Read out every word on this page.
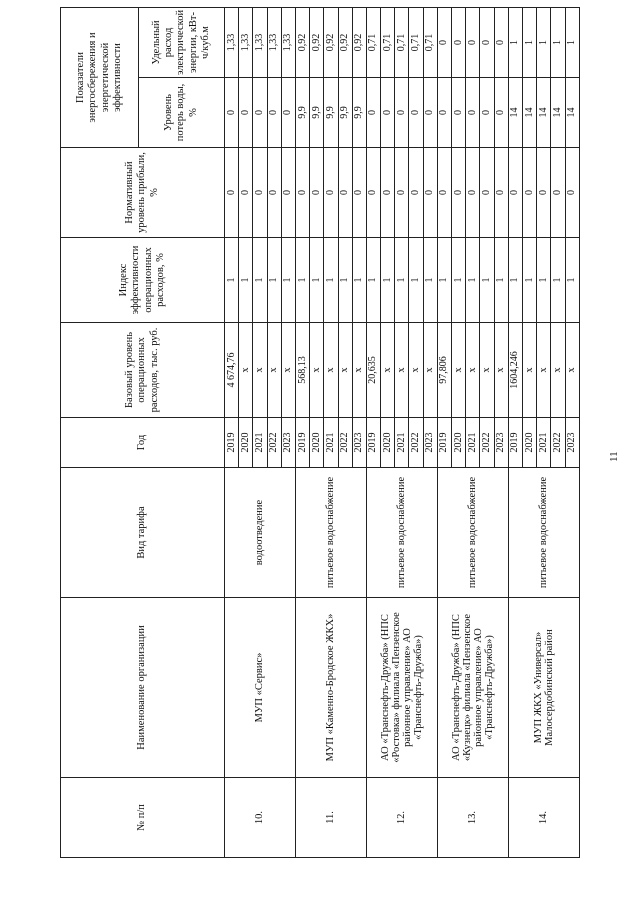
№ п/п	Наименование организации	Вид тарифа	Год	Базовый уровень операционных расходов, тыс. руб.	Индекс эффективности операционных расходов, %	Нормативный уровень прибыли, %	Показатели энергосбережения и энергетической эффективности	
							Уровень потерь воды, %	Удельный расход электрической энергии, кВт-ч/куб.м
10.	МУП «Сервис»	водоотведение	2019	4 674,76	1	0	0	1,33
			2020	x	1	0	0	1,33
			2021	x	1	0	0	1,33
			2022	x	1	0	0	1,33
			2023	x	1	0	0	1,33
11.	МУП «Каменно-Бродское ЖКХ»	питьевое водоснабжение	2019	568,13	1	0	9,9	0,92
			2020	x	1	0	9,9	0,92
			2021	x	1	0	9,9	0,92
			2022	x	1	0	9,9	0,92
			2023	x	1	0	9,9	0,92
12.	АО «Транснефть-Дружба» (НПС «Ростовка» филиала «Пензенское районное управление» АО «Транснефть-Дружба»)	питьевое водоснабжение	2019	20,635	1	0	0	0,71
			2020	x	1	0	0	0,71
			2021	x	1	0	0	0,71
			2022	x	1	0	0	0,71
			2023	x	1	0	0	0,71
13.	АО «Транснефть-Дружба» (НПС «Кузнецк» филиала «Пензенское районное управление» АО «Транснефть-Дружба»)	питьевое водоснабжение	2019	97,806	1	0	0	0
			2020	x	1	0	0	0
			2021	x	1	0	0	0
			2022	x	1	0	0	0
			2023	x	1	0	0	0
14.	МУП ЖКХ «Универсал» Малосердобинский район	питьевое водоснабжение	2019	1604,246	1	0	14	1
			2020	x	1	0	14	1
			2021	x	1	0	14	1
			2022	x	1	0	14	1
			2023	x	1	0	14	1
11
